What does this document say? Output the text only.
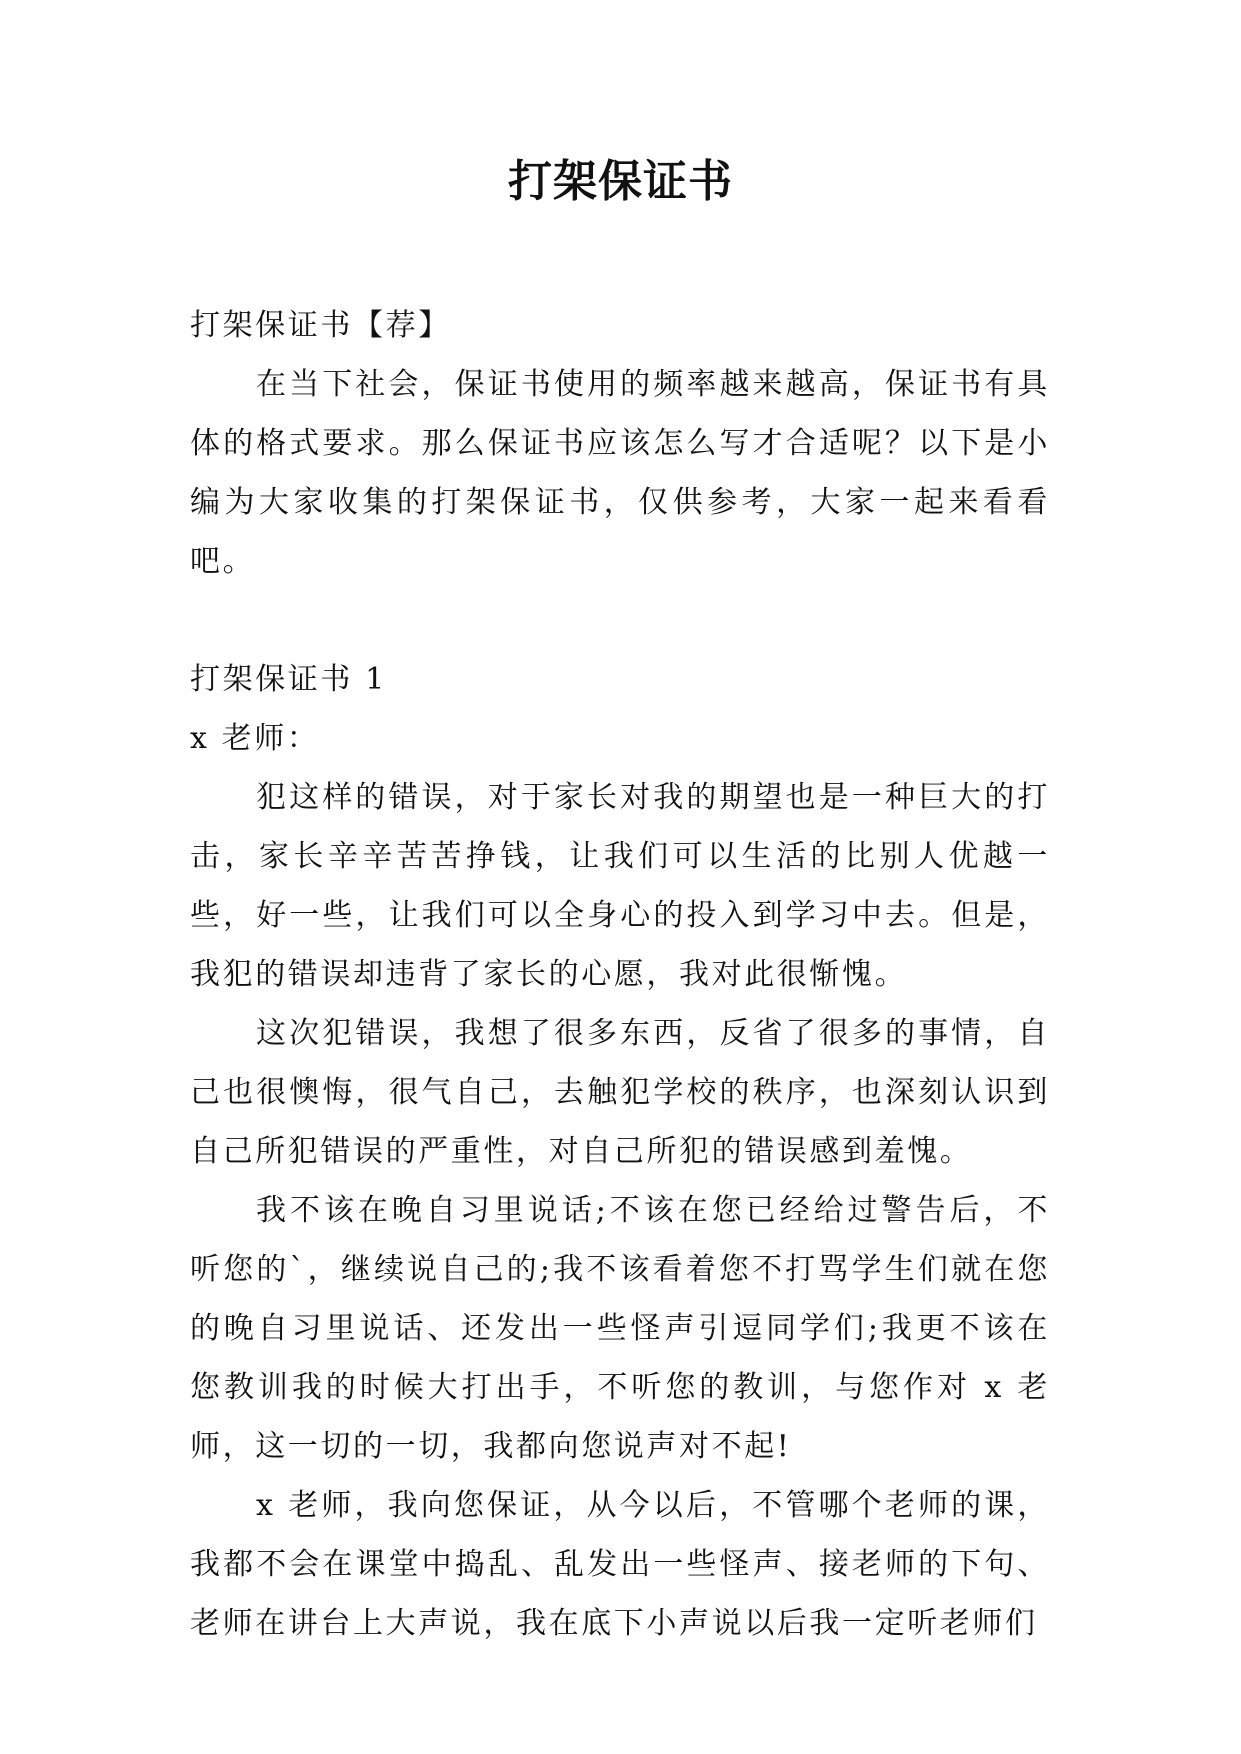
打架保证书

打架保证书【荐】

在当下社会，保证书使用的频率越来越高，保证书有具体的格式要求。那么保证书应该怎么写才合适呢？以下是小编为大家收集的打架保证书，仅供参考，大家一起来看看吧。

打架保证书 1

x 老师：

犯这样的错误，对于家长对我的期望也是一种巨大的打击，家长辛辛苦苦挣钱，让我们可以生活的比别人优越一些，好一些，让我们可以全身心的投入到学习中去。但是，我犯的错误却违背了家长的心愿，我对此很惭愧。

这次犯错误，我想了很多东西，反省了很多的事情，自己也很懊悔，很气自己，去触犯学校的秩序，也深刻认识到自己所犯错误的严重性，对自己所犯的错误感到羞愧。

我不该在晚自习里说话;不该在您已经给过警告后，不听您的`，继续说自己的;我不该看着您不打骂学生们就在您的晚自习里说话、还发出一些怪声引逗同学们;我更不该在您教训我的时候大打出手，不听您的教训，与您作对 x 老师，这一切的一切，我都向您说声对不起!

x 老师，我向您保证，从今以后，不管哪个老师的课，我都不会在课堂中捣乱、乱发出一些怪声、接老师的下句、老师在讲台上大声说，我在底下小声说以后我一定听老师们
